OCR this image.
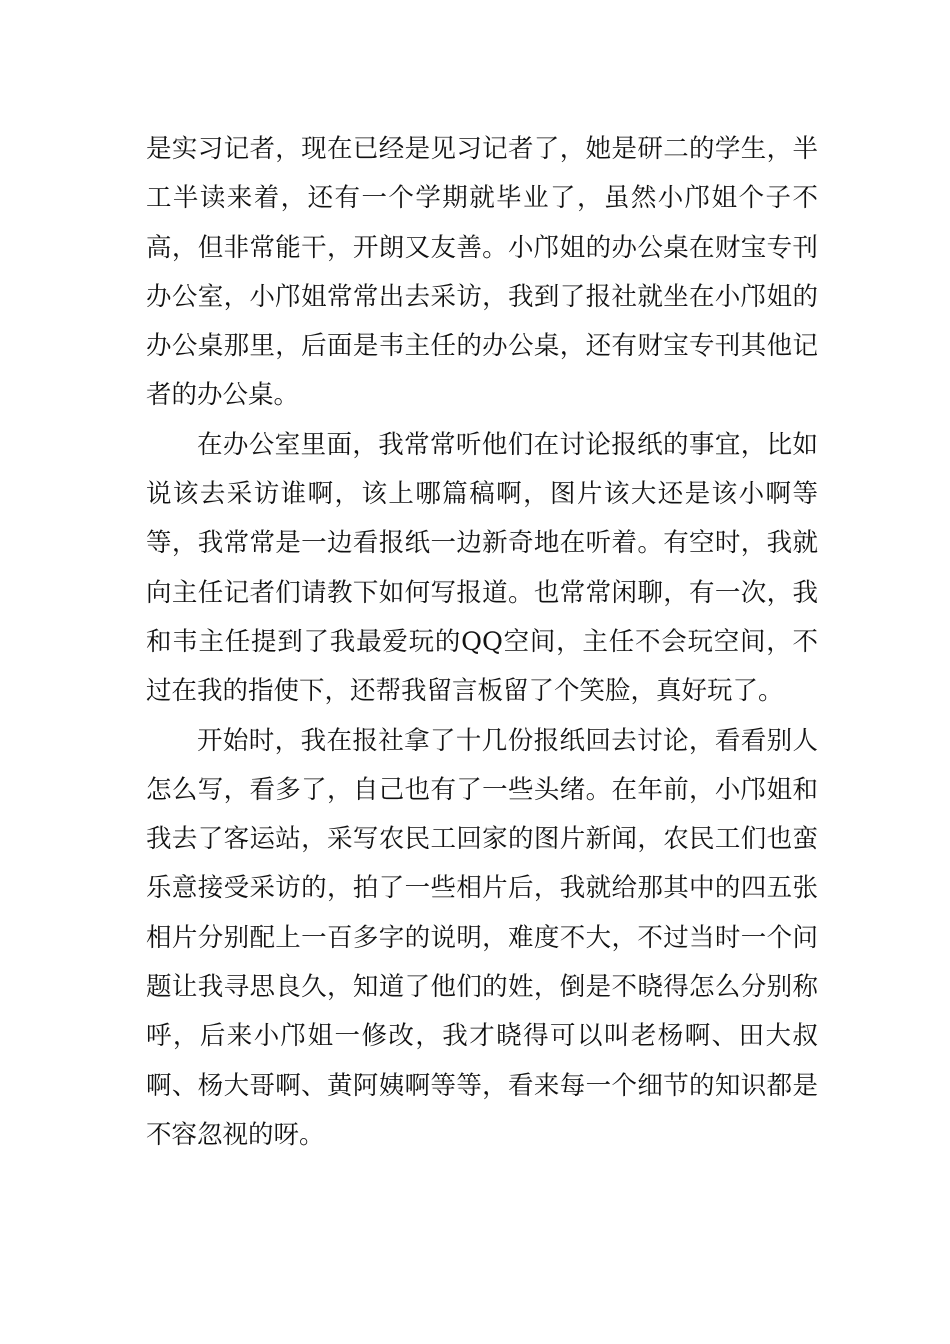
是实习记者，现在已经是见习记者了，她是研二的学生，半工半读来着，还有一个学期就毕业了，虽然小邝姐个子不高，但非常能干，开朗又友善。小邝姐的办公桌在财宝专刊办公室，小邝姐常常出去采访，我到了报社就坐在小邝姐的办公桌那里，后面是韦主任的办公桌，还有财宝专刊其他记者的办公桌。

在办公室里面，我常常听他们在讨论报纸的事宜，比如说该去采访谁啊，该上哪篇稿啊，图片该大还是该小啊等等，我常常是一边看报纸一边新奇地在听着。有空时，我就向主任记者们请教下如何写报道。也常常闲聊，有一次，我和韦主任提到了我最爱玩的QQ空间，主任不会玩空间，不过在我的指使下，还帮我留言板留了个笑脸，真好玩了。

开始时，我在报社拿了十几份报纸回去讨论，看看别人怎么写，看多了，自己也有了一些头绪。在年前，小邝姐和我去了客运站，采写农民工回家的图片新闻，农民工们也蛮乐意接受采访的，拍了一些相片后，我就给那其中的四五张相片分别配上一百多字的说明，难度不大，不过当时一个问题让我寻思良久，知道了他们的姓，倒是不晓得怎么分别称呼，后来小邝姐一修改，我才晓得可以叫老杨啊、田大叔啊、杨大哥啊、黄阿姨啊等等，看来每一个细节的知识都是不容忽视的呀。
